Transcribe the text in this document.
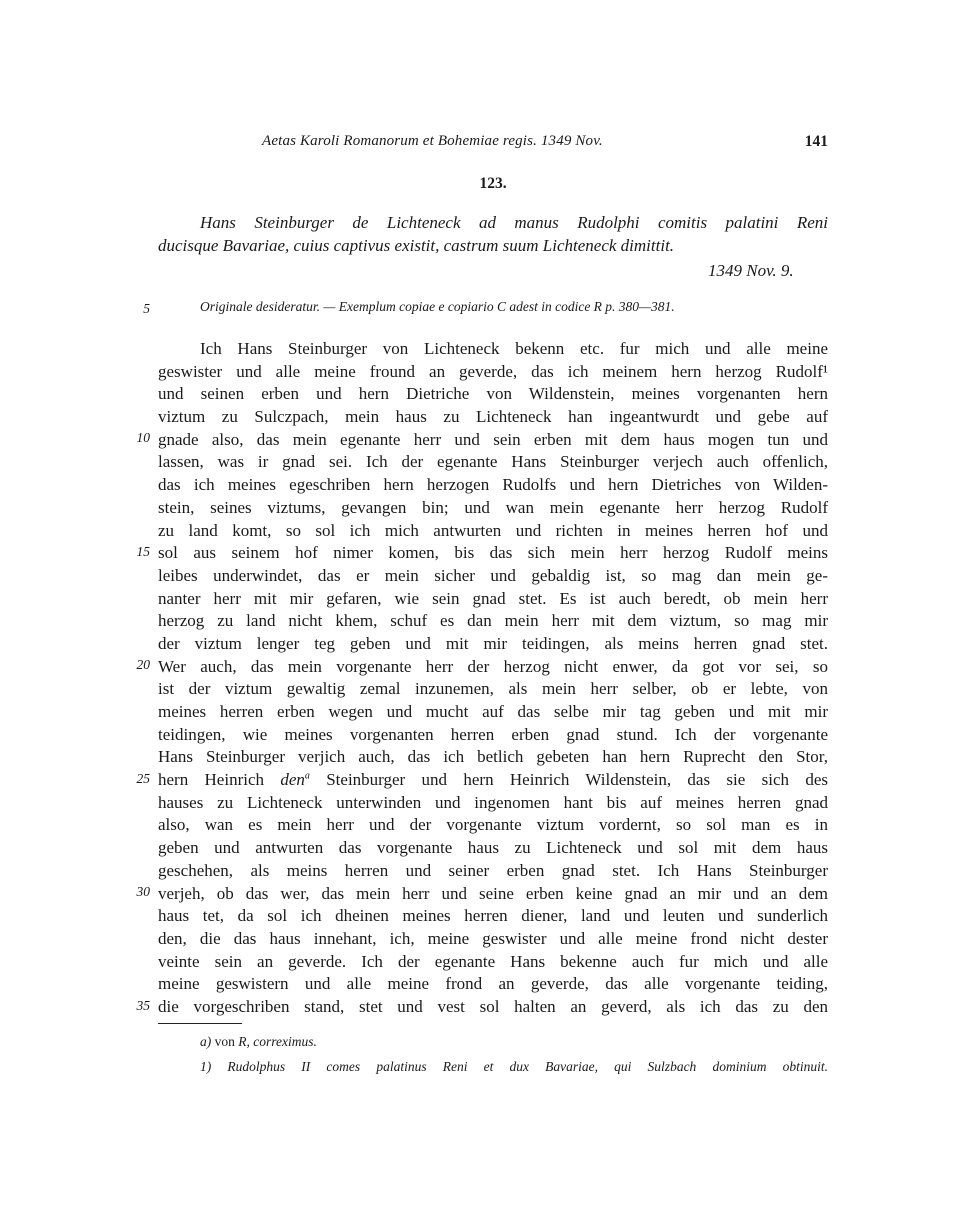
Aetas Karoli Romanorum et Bohemiae regis. 1349 Nov.	141
123.
Hans Steinburger de Lichteneck ad manus Rudolphi comitis palatini Reni
ducisque Bavariae, cuius captivus existit, castrum suum Lichteneck dimittit.
1349 Nov. 9.
5	Originale desideratur. — Exemplum copiae e copiario C adest in codice R p. 380—381.
Ich Hans Steinburger von Lichteneck bekenn etc. fur mich und alle meine
geswister und alle meine fround an geverde, das ich meinem hern herzog Rudolf¹
und seinen erben und hern Dietriche von Wildenstein, meines vorgenanten hern
viztum zu Sulczpach, mein haus zu Lichteneck han ingeantwurdt und gebe auf
gnade also, das mein egenante herr und sein erben mit dem haus mogen tun und
lassen, was ir gnad sei. Ich der egenante Hans Steinburger verjech auch offenlich,
das ich meines egeschriben hern herzogen Rudolfs und hern Dietriches von Wilden-
stein, seines viztums, gevangen bin; und wan mein egenante herr herzog Rudolf
zu land komt, so sol ich mich antwurten und richten in meines herren hof und
sol aus seinem hof nimer komen, bis das sich mein herr herzog Rudolf meins
leibes underwindet, das er mein sicher und gebaldig ist, so mag dan mein ge-
nanter herr mit mir gefaren, wie sein gnad stet. Es ist auch beredt, ob mein herr
herzog zu land nicht khem, schuf es dan mein herr mit dem viztum, so mag mir
der viztum lenger teg geben und mit mir teidingen, als meins herren gnad stet.
Wer auch, das mein vorgenante herr der herzog nicht enwer, da got vor sei, so
ist der viztum gewaltig zemal inzunemen, als mein herr selber, ob er lebte, von
meines herren erben wegen und mucht auf das selbe mir tag geben und mit mir
teidingen, wie meines vorgenanten herren erben gnad stund. Ich der vorgenante
Hans Steinburger verjich auch, das ich betlich gebeten han hern Ruprecht den Stor,
hern Heinrich den$^a$ Steinburger und hern Heinrich Wildenstein, das sie sich des
hauses zu Lichteneck unterwinden und ingenomen hant bis auf meines herren gnad
also, wan es mein herr und der vorgenante viztum vordernt, so sol man es in
geben und antwurten das vorgenante haus zu Lichteneck und sol mit dem haus
geschehen, als meins herren und seiner erben gnad stet. Ich Hans Steinburger
verjeh, ob das wer, das mein herr und seine erben keine gnad an mir und an dem
haus tet, da sol ich dheinen meines herren diener, land und leuten und sunderlich
den, die das haus innehant, ich, meine geswister und alle meine frond nicht dester
veinte sein an geverde. Ich der egenante Hans bekenne auch fur mich und alle
meine geswistern und alle meine frond an geverde, das alle vorgenante teiding,
die vorgeschriben stand, stet und vest sol halten an geverd, als ich das zu den
10
15
20
25
30
35
a) von R, correximus.
1) Rudolphus II comes palatinus Reni et dux Bavariae, qui Sulzbach dominium obtinuit.
